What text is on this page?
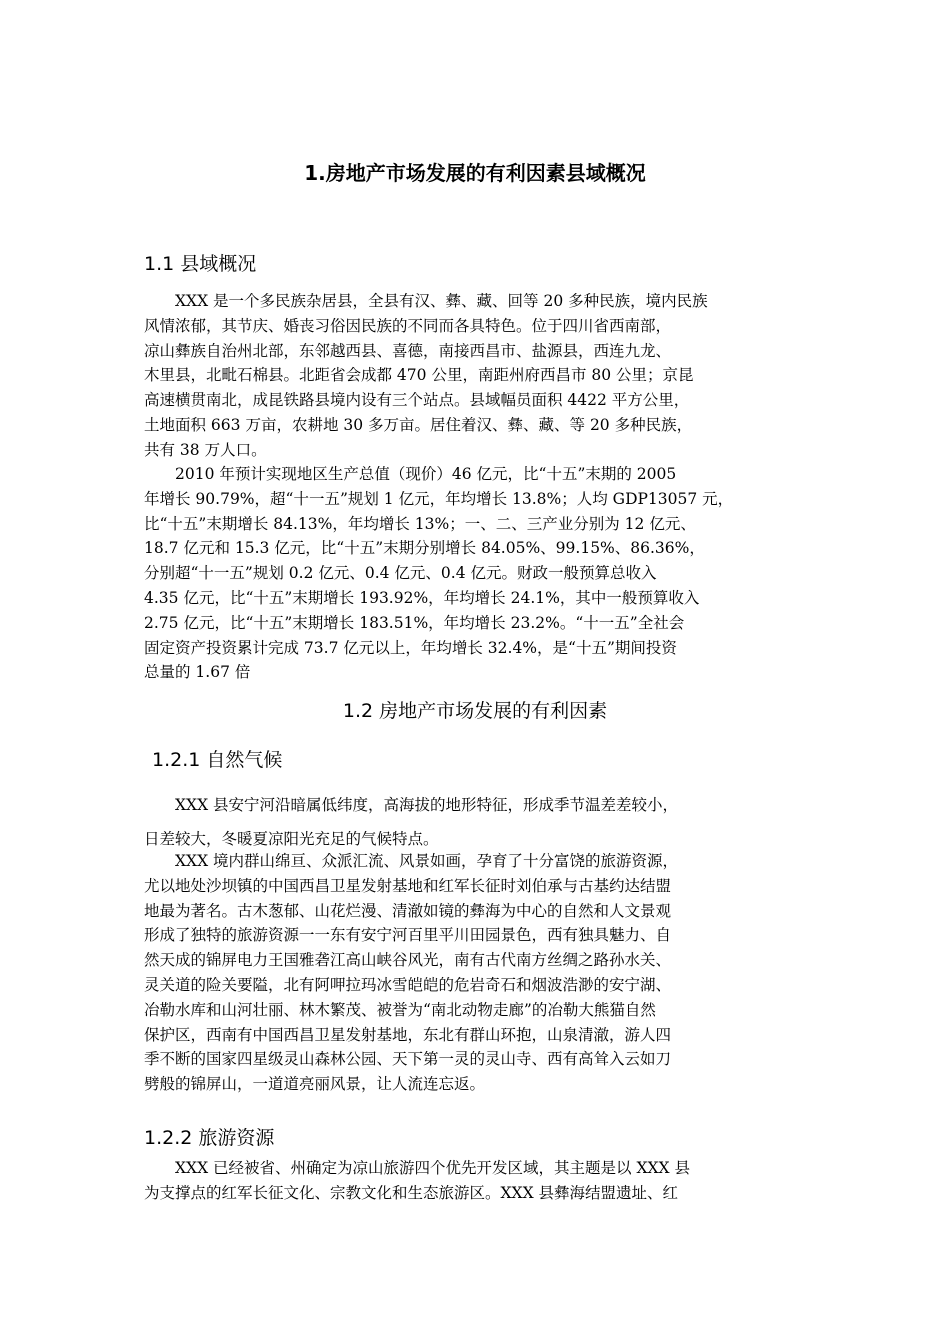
1.房地产市场发展的有利因素县域概况
1.1 县域概况
XXX 是一个多民族杂居县，全县有汉、彝、藏、回等 20 多种民族，境内民族
风情浓郁，其节庆、婚丧习俗因民族的不同而各具特色。位于四川省西南部，
凉山彝族自治州北部，东邻越西县、喜德，南接西昌市、盐源县，西连九龙、
木里县，北毗石棉县。北距省会成都 470 公里，南距州府西昌市 80 公里；京昆
高速横贯南北，成昆铁路县境内设有三个站点。县域幅员面积 4422 平方公里，
土地面积 663 万亩，农耕地 30 多万亩。居住着汉、彝、藏、等 20 多种民族，
共有 38 万人口。
2010 年预计实现地区生产总值（现价）46 亿元，比“十五”末期的 2005
年增长 90.79%，超“十一五”规划 1 亿元，年均增长 13.8%；人均 GDP13057 元，
比“十五”末期增长 84.13%，年均增长 13%；一、二、三产业分别为 12 亿元、
18.7 亿元和 15.3 亿元，比“十五”末期分别增长 84.05%、99.15%、86.36%，
分别超“十一五”规划 0.2 亿元、0.4 亿元、0.4 亿元。财政一般预算总收入
4.35 亿元，比“十五”末期增长 193.92%，年均增长 24.1%，其中一般预算收入
2.75 亿元，比“十五”末期增长 183.51%，年均增长 23.2%。“十一五”全社会
固定资产投资累计完成 73.7 亿元以上，年均增长 32.4%，是“十五”期间投资
总量的 1.67 倍
1.2 房地产市场发展的有利因素
1.2.1 自然气候
XXX 县安宁河沿暗属低纬度，高海拔的地形特征，形成季节温差差较小，
日差较大，冬暖夏凉阳光充足的气候特点。
XXX 境内群山绵亘、众派汇流、风景如画，孕育了十分富饶的旅游资源，
尤以地处沙坝镇的中国西昌卫星发射基地和红军长征时刘伯承与古基约达结盟
地最为著名。古木葱郁、山花烂漫、清澈如镜的彝海为中心的自然和人文景观
形成了独特的旅游资源一一东有安宁河百里平川田园景色，西有独具魅力、自
然天成的锦屏电力王国雅砻江高山峡谷风光，南有古代南方丝绸之路孙水关、
灵关道的险关要隘，北有阿呷拉玛冰雪皑皑的危岩奇石和烟波浩渺的安宁湖、
冶勒水库和山河壮丽、林木繁茂、被誉为“南北动物走廊”的冶勒大熊猫自然
保护区，西南有中国西昌卫星发射基地，东北有群山环抱，山泉清澈，游人四
季不断的国家四星级灵山森林公园、天下第一灵的灵山寺、西有高耸入云如刀
劈般的锦屏山，一道道亮丽风景，让人流连忘返。
1.2.2 旅游资源
XXX 已经被省、州确定为凉山旅游四个优先开发区域，其主题是以 XXX 县
为支撑点的红军长征文化、宗教文化和生态旅游区。XXX 县彝海结盟遗址、红
